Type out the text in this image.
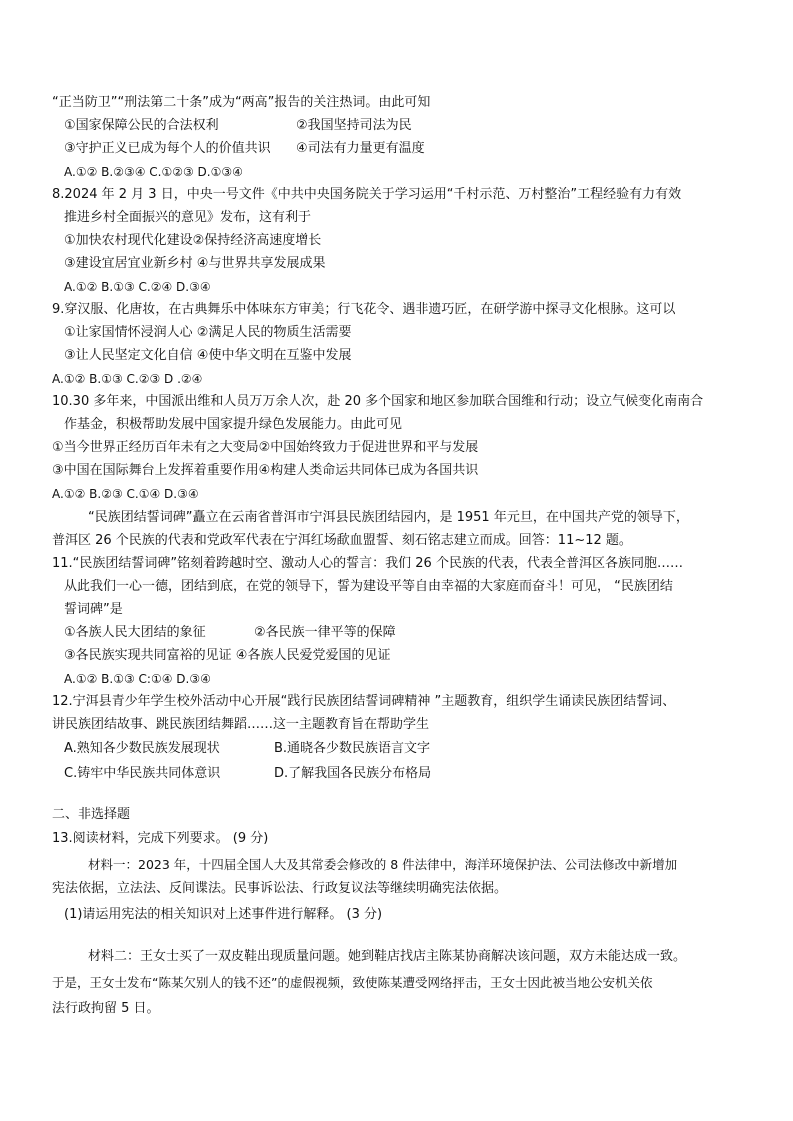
“正当防卫”“刑法第二十条”成为“两高”报告的关注热词。由此可知
①国家保障公民的合法权利	②我国坚持司法为民
③守护正义已成为每个人的价值共识 ④司法有力量更有温度
A.①② B.②③④ C.①②③ D.①③④
8.2024 年 2 月 3 日，中央一号文件《中共中央国务院关于学习运用“千村示范、万村整治”工程经验有力有效
推进乡村全面振兴的意见》发布，这有利于
①加快农村现代化建设②保持经济高速度增长
③建设宜居宜业新乡村 ④与世界共享发展成果
A.①② B.①③ C.②④ D.③④
9.穿汉服、化唐妆，在古典舞乐中体味东方审美；行飞花令、遇非遗巧匠，在研学游中探寻文化根脉。这可以
①让家国情怀浸润人心 ②满足人民的物质生活需要
③让人民坚定文化自信 ④使中华文明在互鉴中发展
A.①② B.①③ C.②③ D .②④
10.30 多年来，中国派出维和人员万万余人次，赴 20 多个国家和地区参加联合国维和行动；设立气候变化南南合
作基金，积极帮助发展中国家提升绿色发展能力。由此可见
①当今世界正经历百年未有之大变局②中国始终致力于促进世界和平与发展
③中国在国际舞台上发挥着重要作用④构建人类命运共同体已成为各国共识
A.①② B.②③ C.①④ D.③④
“民族团结誓词碑”矗立在云南省普洱市宁洱县民族团结园内，是 1951 年元旦，在中国共产党的领导下，
普洱区 26 个民族的代表和党政军代表在宁洱红场歃血盟誓、刻石铭志建立而成。回答：11~12 题。
11.“民族团结誓词碑”铭刻着跨越时空、激动人心的誓言：我们 26 个民族的代表，代表全普洱区各族同胞……
从此我们一心一德，团结到底，在党的领导下，誓为建设平等自由幸福的大家庭而奋斗！可见， “民族团结
誓词碑”是
①各族人民大团结的象征	②各民族一律平等的保障
③各民族实现共同富裕的见证 ④各族人民爱党爱国的见证
A.①② B.①③ C:①④ D.③④
12.宁洱县青少年学生校外活动中心开展“践行民族团结誓词碑精神 ”主题教育，组织学生诵读民族团结誓词、
讲民族团结故事、跳民族团结舞蹈……这一主题教育旨在帮助学生
A.熟知各少数民族发展现状	B.通晓各少数民族语言文字
C.铸牢中华民族共同体意识	D.了解我国各民族分布格局
二、非选择题
13.阅读材料，完成下列要求。 (9 分)
材料一：2023 年，十四届全国人大及其常委会修改的 8 件法律中，海洋环境保护法、公司法修改中新增加
宪法依据，立法法、反间谍法。民事诉讼法、行政复议法等继续明确宪法依据。
(1)请运用宪法的相关知识对上述事件进行解释。 (3 分)
材料二：王女士买了一双皮鞋出现质量问题。她到鞋店找店主陈某协商解决该问题，双方未能达成一致。
于是，王女士发布“陈某欠别人的钱不还”的虚假视频，致使陈某遭受网络抨击，王女士因此被当地公安机关依
法行政拘留 5 日。
